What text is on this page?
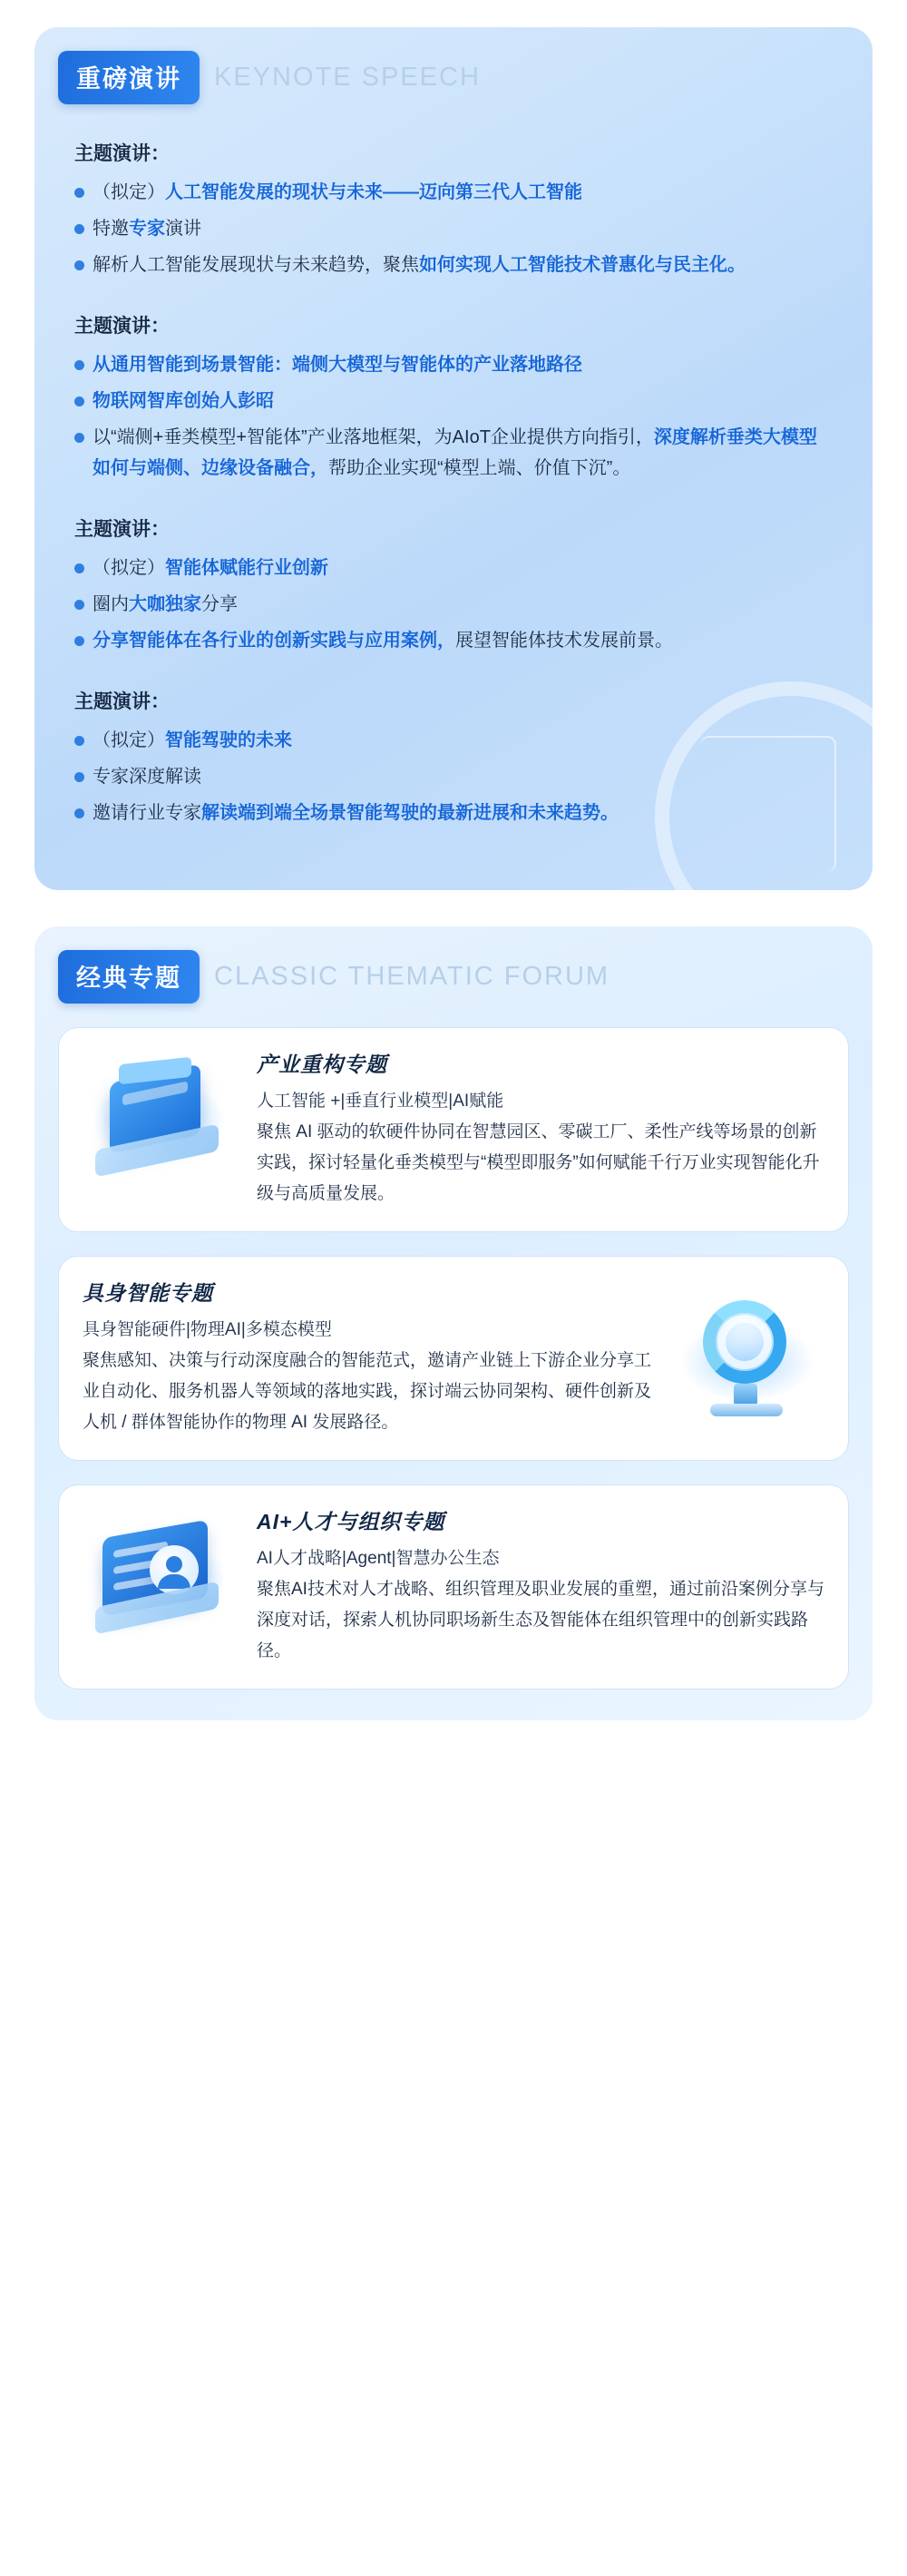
重磅演讲	KEYNOTE SPEECH
主题演讲：
（拟定）人工智能发展的现状与未来——迈向第三代人工智能
特邀专家演讲
解析人工智能发展现状与未来趋势，聚焦如何实现人工智能技术普惠化与民主化。
主题演讲：
从通用智能到场景智能：端侧大模型与智能体的产业落地路径
物联网智库创始人彭昭
以“端侧+垂类模型+智能体”产业落地框架，为AIoT企业提供方向指引，深度解析垂类大模型如何与端侧、边缘设备融合，帮助企业实现“模型上端、价值下沉”。
主题演讲：
（拟定）智能体赋能行业创新
圈内大咖独家分享
分享智能体在各行业的创新实践与应用案例，展望智能体技术发展前景。
主题演讲：
（拟定）智能驾驶的未来
专家深度解读
邀请行业专家解读端到端全场景智能驾驶的最新进展和未来趋势。
经典专题	CLASSIC THEMATIC FORUM
产业重构专题
人工智能 +|垂直行业模型|AI赋能

聚焦 AI 驱动的软硬件协同在智慧园区、零碳工厂、柔性产线等场景的创新实践，探讨轻量化垂类模型与“模型即服务”如何赋能千行万业实现智能化升级与高质量发展。

具身智能专题
具身智能硬件|物理AI|多模态模型

聚焦感知、决策与行动深度融合的智能范式，邀请产业链上下游企业分享工业自动化、服务机器人等领域的落地实践，探讨端云协同架构、硬件创新及人机 / 群体智能协作的物理 AI 发展路径。

AI+人才与组织专题
AI人才战略|Agent|智慧办公生态

聚焦AI技术对人才战略、组织管理及职业发展的重塑，通过前沿案例分享与深度对话，探索人机协同职场新生态及智能体在组织管理中的创新实践路径。
